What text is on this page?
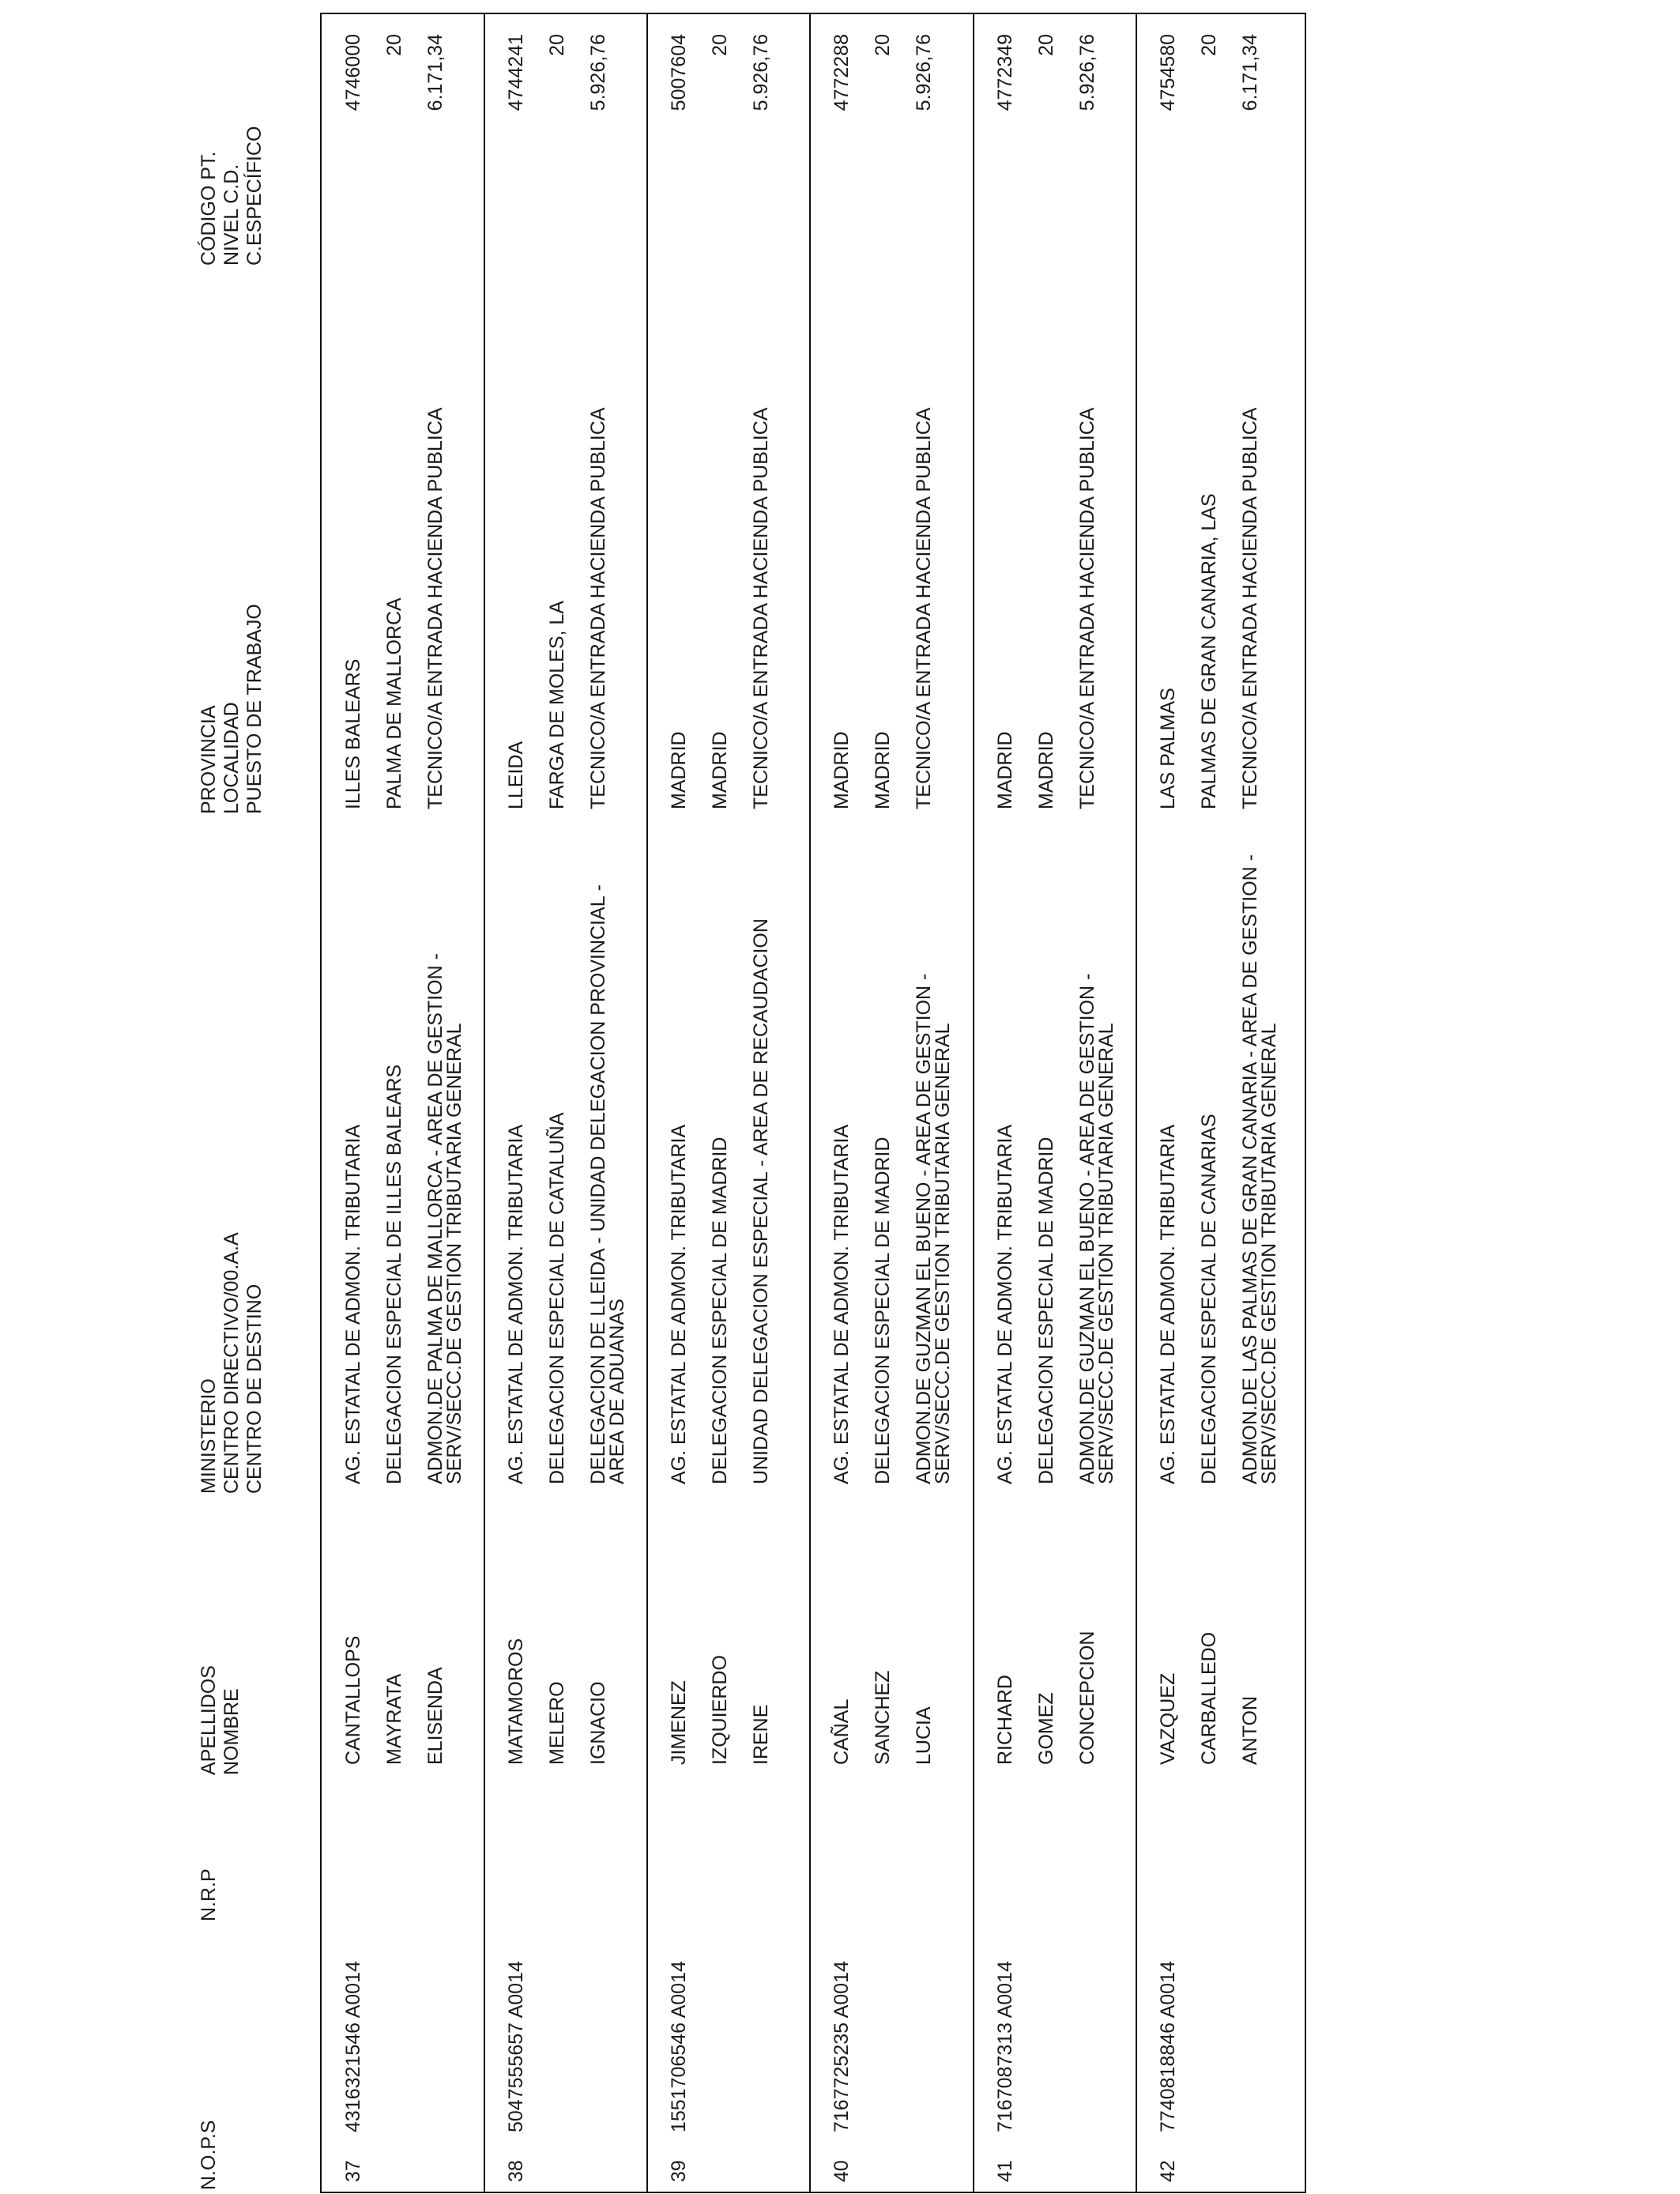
N.O.P.S
N.R.P
APELLIDOS
NOMBRE
MINISTERIO
CENTRO DIRECTIVO/00.A.A
CENTRO DE DESTINO
PROVINCIA
LOCALIDAD
PUESTO DE TRABAJO
CÓDIGO PT.
NIVEL C.D.
C.ESPECÍFICO
37
4316321546 A0014
CANTALLOPS MAYRATA ELISENDA
AG. ESTATAL DE ADMON. TRIBUTARIA DELEGACION ESPECIAL DE ILLES BALEARS ADMON.DE PALMA DE MALLORCA - AREA DE GESTION - SERV/SECC.DE GESTION TRIBUTARIA GENERAL
ILLES BALEARS PALMA DE MALLORCA TECNICO/A ENTRADA HACIENDA PUBLICA
4746000 20 6.171,34
38
5047555657 A0014
MATAMOROS MELERO IGNACIO
AG. ESTATAL DE ADMON. TRIBUTARIA DELEGACION ESPECIAL DE CATALUÑA DELEGACION DE LLEIDA - UNIDAD DELEGACION PROVINCIAL - AREA DE ADUANAS
LLEIDA FARGA DE MOLES, LA TECNICO/A ENTRADA HACIENDA PUBLICA
4744241 20 5.926,76
39
1551706546 A0014
JIMENEZ IZQUIERDO IRENE
AG. ESTATAL DE ADMON. TRIBUTARIA DELEGACION ESPECIAL DE MADRID UNIDAD DELEGACION ESPECIAL - AREA DE RECAUDACION
MADRID MADRID TECNICO/A ENTRADA HACIENDA PUBLICA
5007604 20 5.926,76
40
7167725235 A0014
CAÑAL SANCHEZ LUCIA
AG. ESTATAL DE ADMON. TRIBUTARIA DELEGACION ESPECIAL DE MADRID ADMON.DE GUZMAN EL BUENO - AREA DE GESTION - SERV/SECC.DE GESTION TRIBUTARIA GENERAL
MADRID MADRID TECNICO/A ENTRADA HACIENDA PUBLICA
4772288 20 5.926,76
41
7167087313 A0014
RICHARD GOMEZ CONCEPCION
AG. ESTATAL DE ADMON. TRIBUTARIA DELEGACION ESPECIAL DE MADRID ADMON.DE GUZMAN EL BUENO - AREA DE GESTION - SERV/SECC.DE GESTION TRIBUTARIA GENERAL
MADRID MADRID TECNICO/A ENTRADA HACIENDA PUBLICA
4772349 20 5.926,76
42
7740818846 A0014
VAZQUEZ CARBALLEDO ANTON
AG. ESTATAL DE ADMON. TRIBUTARIA DELEGACION ESPECIAL DE CANARIAS ADMON.DE LAS PALMAS DE GRAN CANARIA - AREA DE GESTION - SERV/SECC.DE GESTION TRIBUTARIA GENERAL
LAS PALMAS PALMAS DE GRAN CANARIA, LAS TECNICO/A ENTRADA HACIENDA PUBLICA
4754580 20 6.171,34
